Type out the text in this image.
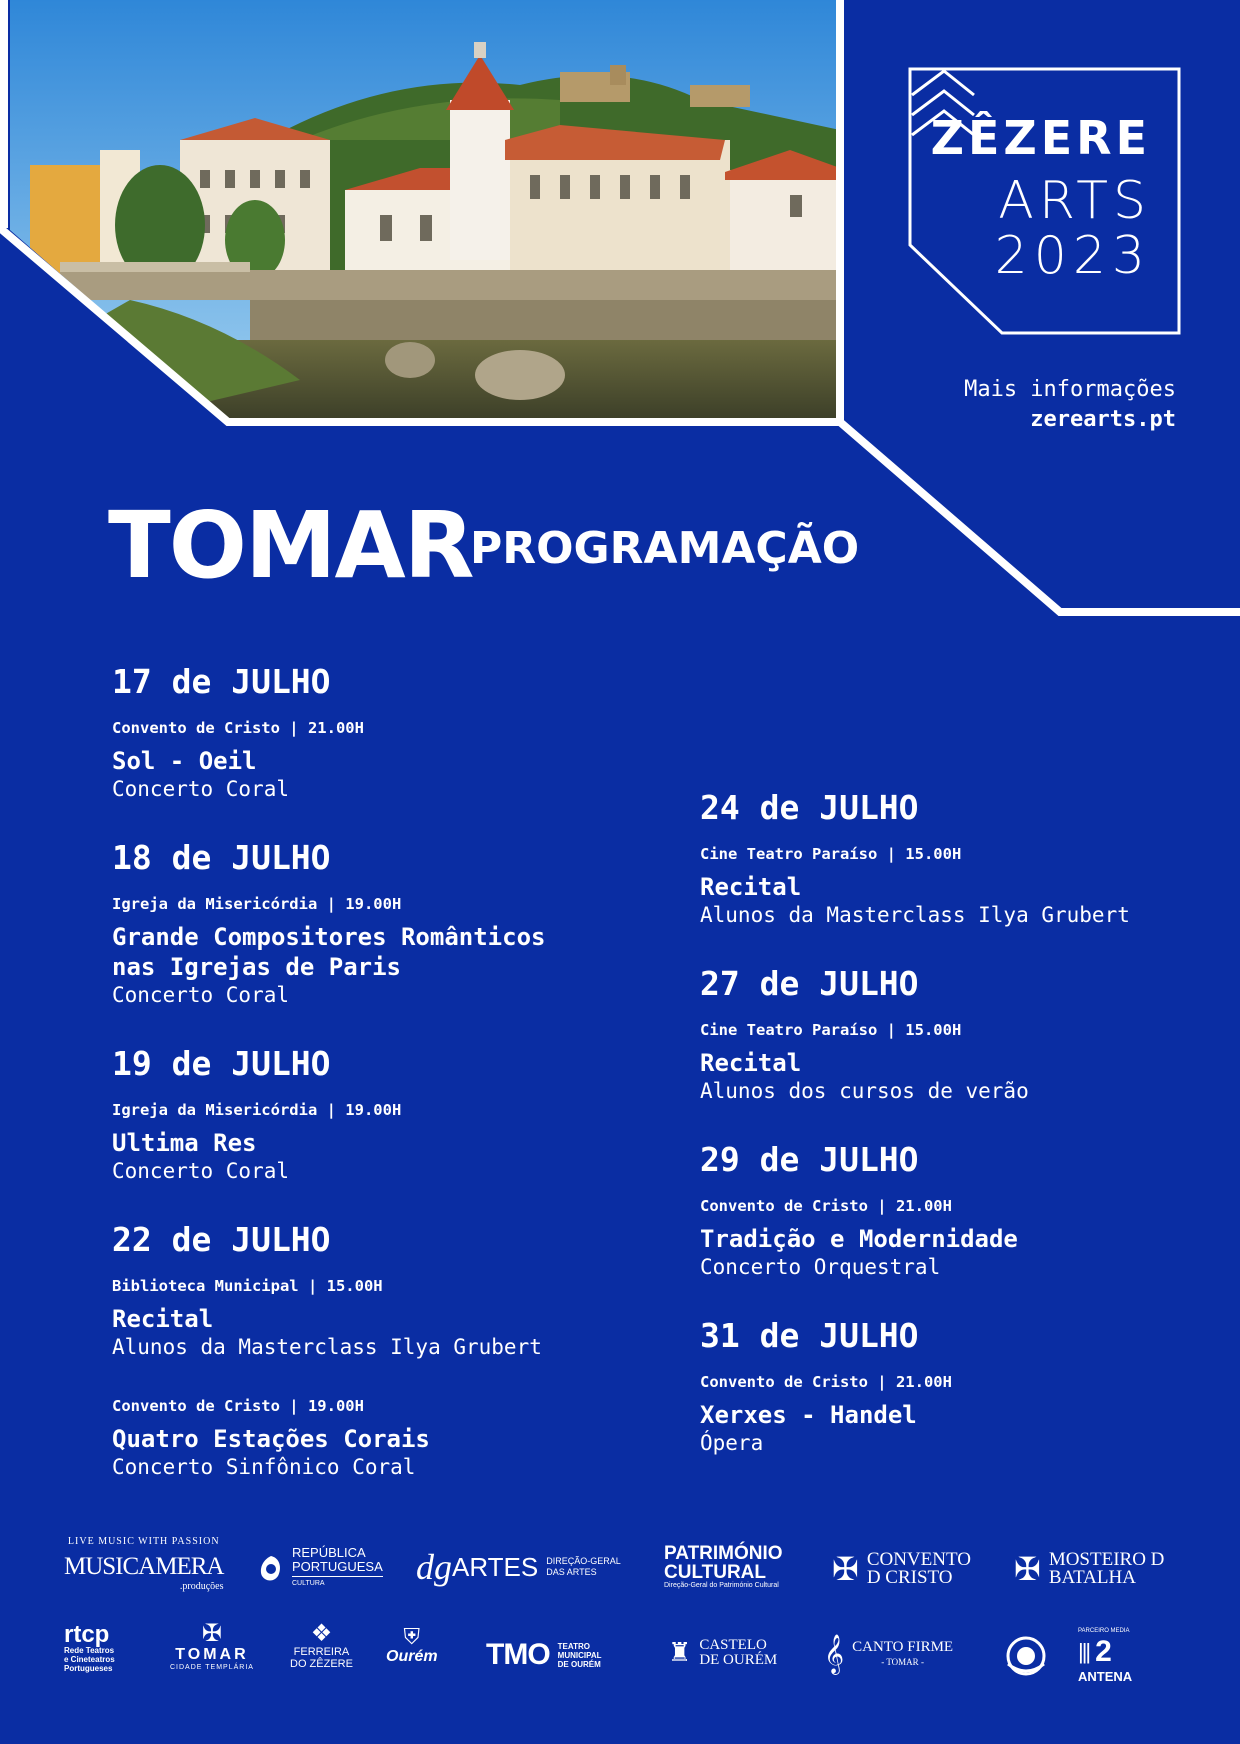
ZÊZERE
ARTS
2023
Mais informações
zerearts.pt
TOMAR
PROGRAMAÇÃO
17 de JULHO
Convento de Cristo | 21.00H
Sol - Oeil
Concerto Coral
18 de JULHO
Igreja da Misericórdia | 19.00H
Grande Compositores Românticos nas Igrejas de Paris
Concerto Coral
19 de JULHO
Igreja da Misericórdia | 19.00H
Ultima Res
Concerto Coral
22 de JULHO
Biblioteca Municipal | 15.00H
Recital
Alunos da Masterclass Ilya Grubert
Convento de Cristo | 19.00H
Quatro Estações Corais
Concerto Sinfônico Coral
24 de JULHO
Cine Teatro Paraíso | 15.00H
Recital
Alunos da Masterclass Ilya Grubert
27 de JULHO
Cine Teatro Paraíso | 15.00H
Recital
Alunos dos cursos de verão
29 de JULHO
Convento de Cristo | 21.00H
Tradição e Modernidade
Concerto Orquestral
31 de JULHO
Convento de Cristo | 21.00H
Xerxes - Handel
Ópera
LIVE MUSIC WITH PASSION
MUSICAMERA
.produções
REPÚBLICA
PORTUGUESA
CULTURA	dg ARTES DIREÇÃO-GERAL
DAS ARTES
PATRIMÓNIO
CULTURAL
Direção-Geral do Património Cultural ✠ CONVENTO
D CRISTO	✠ MOSTEIRO D
BATALHA
rtcp
Rede Teatros
e Cineteatros
Portugueses
✠
TOMAR
CIDADE TEMPLÁRIA
❖
FERREIRA
DO ZÊZERE
⛨
Ourém TMO TEATRO
MUNICIPAL
DE OURÉM	♜ CASTELO
DE OURÉM 𝄞 CANTO FIRME
- TOMAR -
PARCEIRO MEDIA
||| 2
ANTENA
